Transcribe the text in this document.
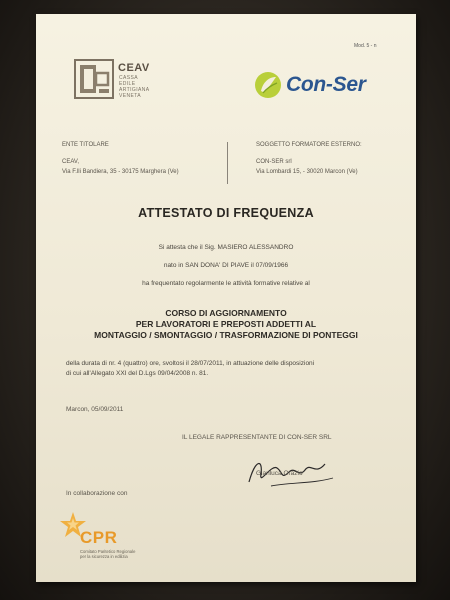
Mod. 5 - n
CEAV
CASSA
EDILE
ARTIGIANA
VENETA	Con-Ser
ENTE TITOLARE
CEAV,
Via F.lli Bandiera, 35 - 30175 Marghera (Ve)
SOGGETTO FORMATORE ESTERNO:
CON-SER srl
Via Lombardi 15, - 30020 Marcon (Ve)
ATTESTATO DI FREQUENZA
Si attesta che il Sig. MASIERO ALESSANDRO
nato in SAN DONA' DI PIAVE il 07/09/1966
ha frequentato regolarmente le attività formative relative al
CORSO DI AGGIORNAMENTO
PER LAVORATORI E PREPOSTI ADDETTI AL
MONTAGGIO / SMONTAGGIO / TRASFORMAZIONE DI PONTEGGI
della durata di nr. 4 (quattro) ore, svoltosi il 28/07/2011, in attuazione delle disposizioni
di cui all'Allegato XXI del D.Lgs 09/04/2008 n. 81.
Marcon, 05/09/2011
IL LEGALE RAPPRESENTANTE DI CON-SER SRL
Gianluca Orazio
In collaborazione con
CPR
Comitato Paritetico Regionale
per la sicurezza in edilizia
